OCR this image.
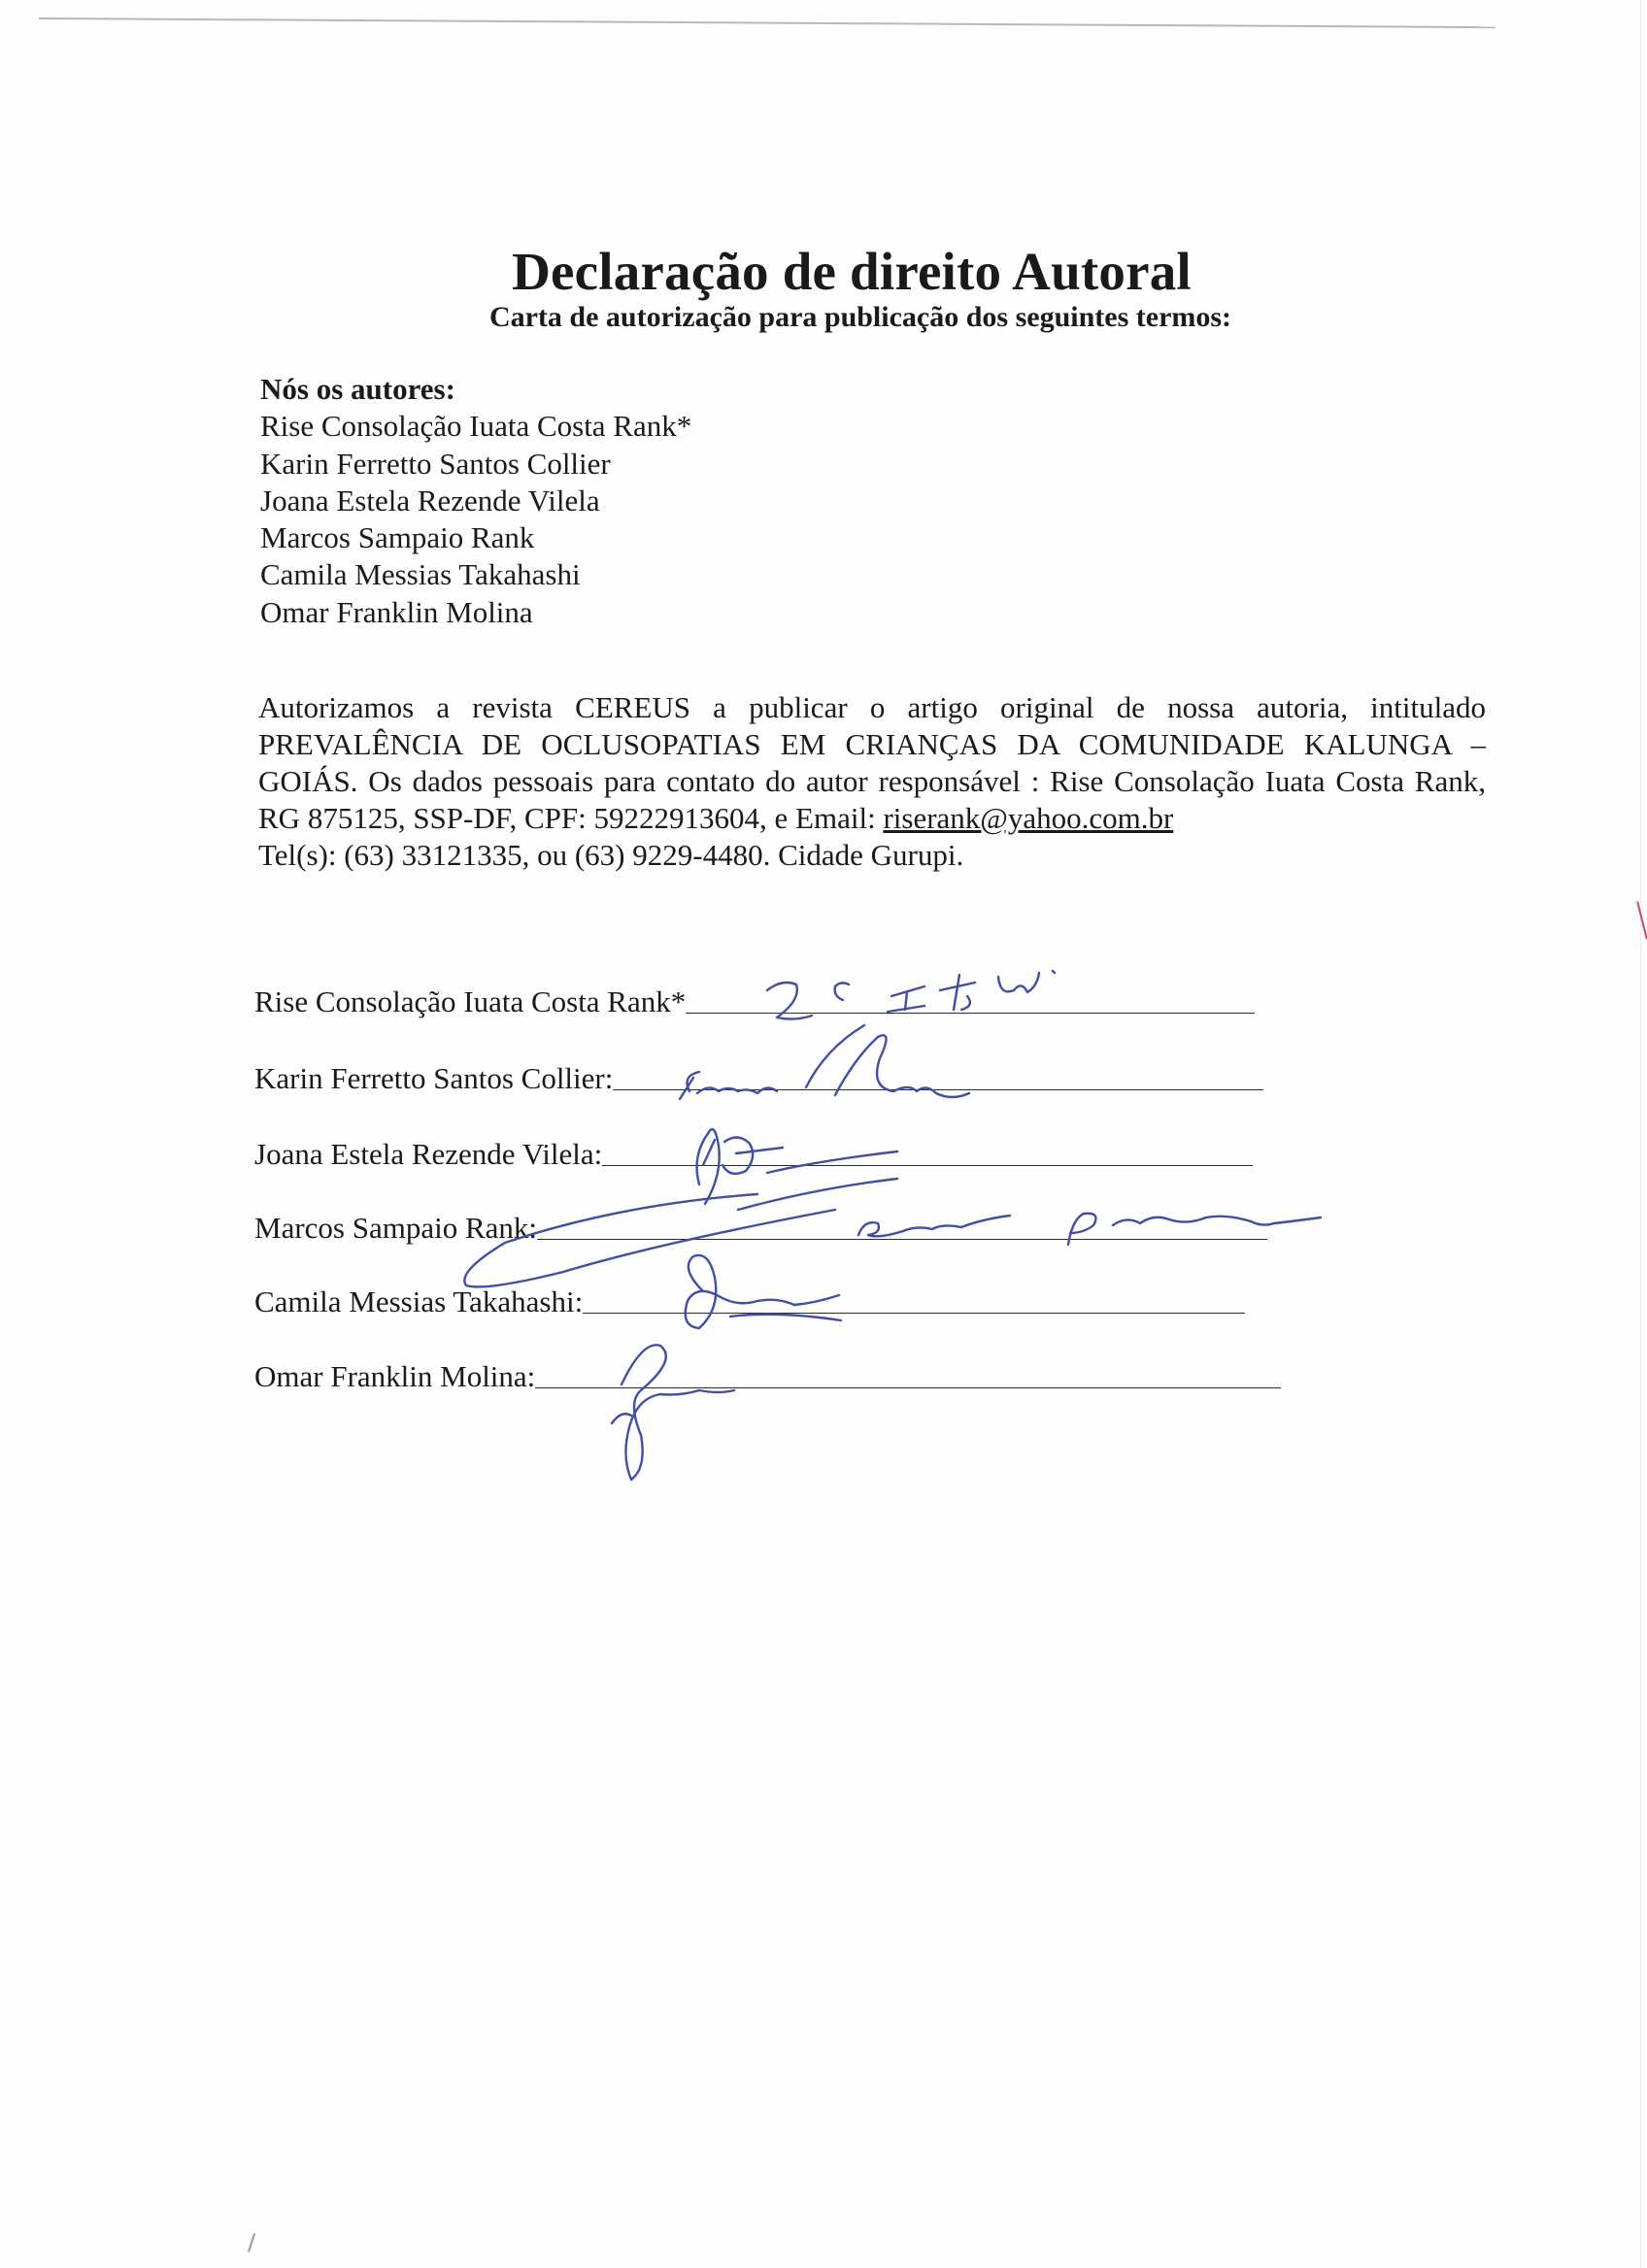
Declaração de direito Autoral
Carta de autorização para publicação dos seguintes termos:
Nós os autores:
Rise Consolação Iuata Costa Rank*
Karin Ferretto Santos Collier
Joana Estela Rezende Vilela
Marcos Sampaio Rank
Camila Messias Takahashi
Omar Franklin Molina

Autorizamos a revista CEREUS a publicar o artigo original de nossa autoria, intitulado PREVALÊNCIA DE OCLUSOPATIAS EM CRIANÇAS DA COMUNIDADE KALUNGA – GOIÁS. Os dados pessoais para contato do autor responsável : Rise Consolação Iuata Costa Rank, RG 875125, SSP-DF, CPF: 59222913604, e Email: riserank@yahoo.com.br

Tel(s): (63) 33121335, ou (63) 9229-4480. Cidade Gurupi.

Rise Consolação Iuata Costa Rank*
Karin Ferretto Santos Collier:
Joana Estela Rezende Vilela:
Marcos Sampaio Rank:
Camila Messias Takahashi:
Omar Franklin Molina:
